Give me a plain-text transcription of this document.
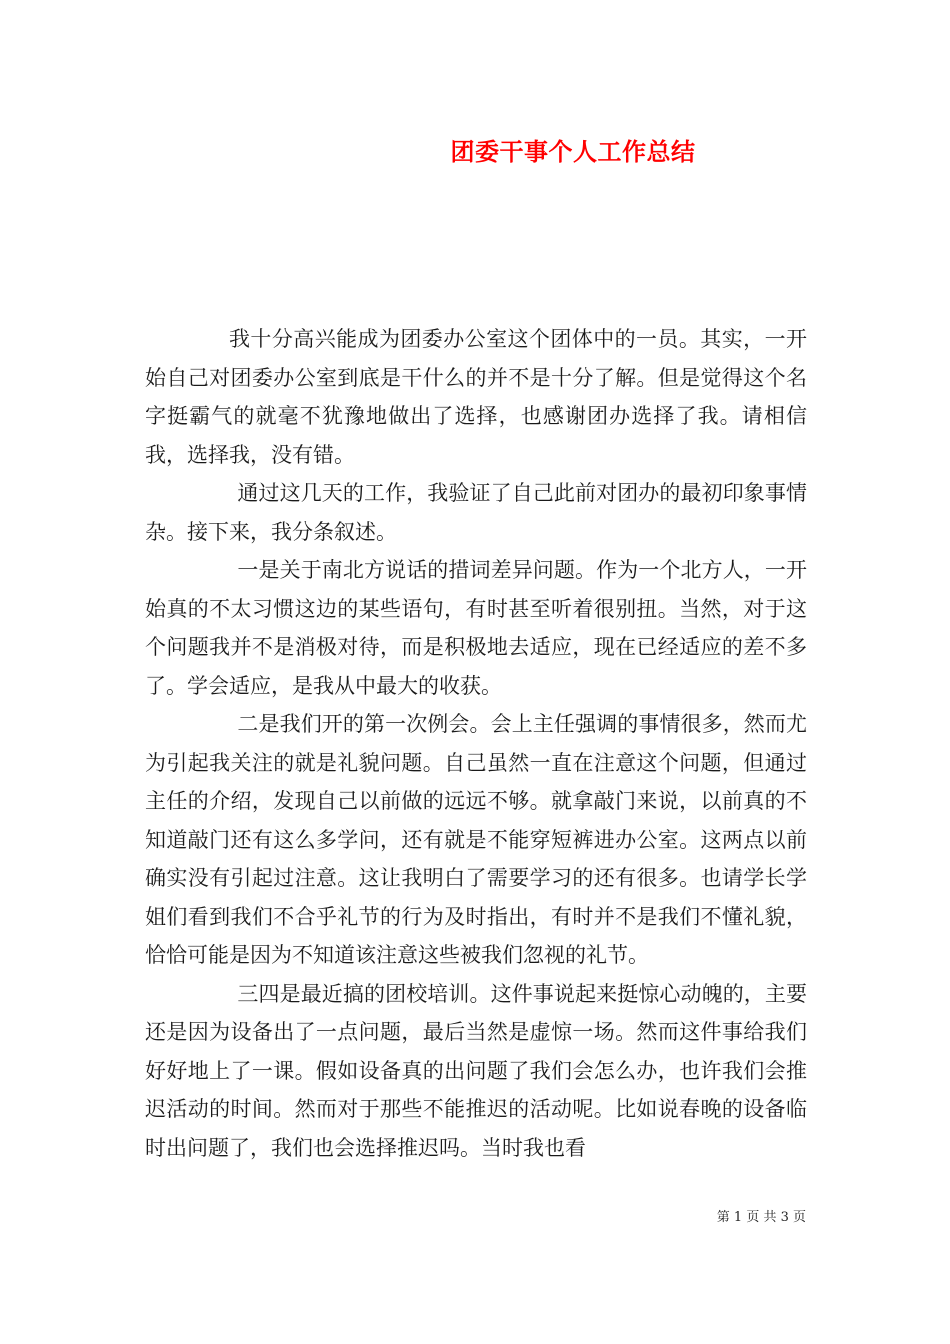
团委干事个人工作总结

我十分高兴能成为团委办公室这个团体中的一员。其实，一开始自己对团委办公室到底是干什么的并不是十分了解。但是觉得这个名字挺霸气的就毫不犹豫地做出了选择，也感谢团办选择了我。请相信我，选择我，没有错。

通过这几天的工作，我验证了自己此前对团办的最初印象事情杂。接下来，我分条叙述。

一是关于南北方说话的措词差异问题。作为一个北方人，一开始真的不太习惯这边的某些语句，有时甚至听着很别扭。当然，对于这个问题我并不是消极对待，而是积极地去适应，现在已经适应的差不多了。学会适应，是我从中最大的收获。

二是我们开的第一次例会。会上主任强调的事情很多，然而尤为引起我关注的就是礼貌问题。自己虽然一直在注意这个问题，但通过主任的介绍，发现自己以前做的远远不够。就拿敲门来说，以前真的不知道敲门还有这么多学问，还有就是不能穿短裤进办公室。这两点以前确实没有引起过注意。这让我明白了需要学习的还有很多。也请学长学姐们看到我们不合乎礼节的行为及时指出，有时并不是我们不懂礼貌，恰恰可能是因为不知道该注意这些被我们忽视的礼节。

三四是最近搞的团校培训。这件事说起来挺惊心动魄的，主要还是因为设备出了一点问题，最后当然是虚惊一场。然而这件事给我们好好地上了一课。假如设备真的出问题了我们会怎么办，也许我们会推迟活动的时间。然而对于那些不能推迟的活动呢。比如说春晚的设备临时出问题了，我们也会选择推迟吗。当时我也看

第 1 页 共 3 页
